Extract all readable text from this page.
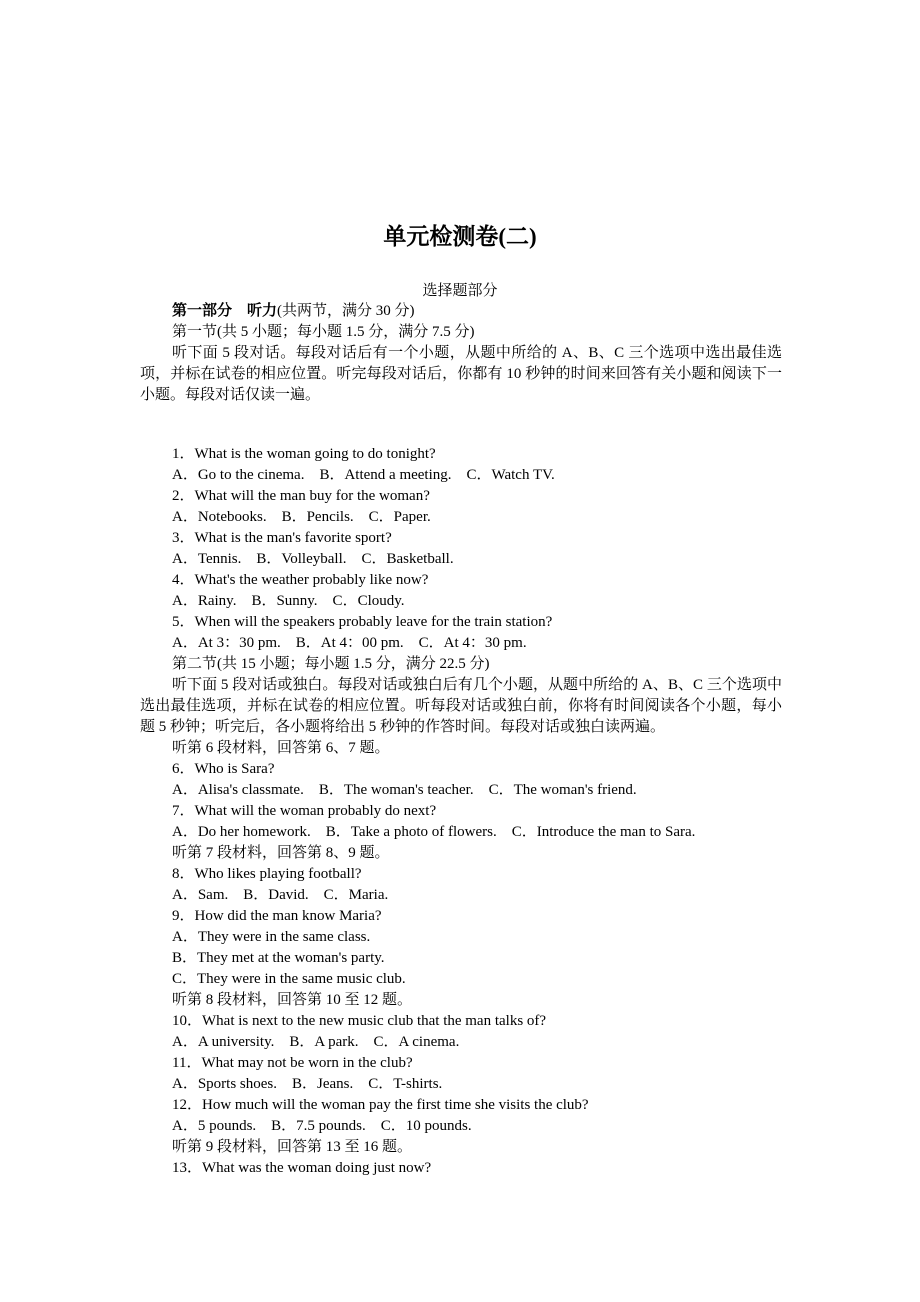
单元检测卷(二)
选择题部分
第一部分　听力(共两节，满分 30 分)
第一节(共 5 小题；每小题 1.5 分，满分 7.5 分)

听下面 5 段对话。每段对话后有一个小题，从题中所给的 A、B、C 三个选项中选出最佳选项，并标在试卷的相应位置。听完每段对话后，你都有 10 秒钟的时间来回答有关小题和阅读下一小题。每段对话仅读一遍。

1．What is the woman going to do tonight?
A．Go to the cinema.　B．Attend a meeting.　C．Watch TV.
2．What will the man buy for the woman?
A．Notebooks.　B．Pencils.　C．Paper.
3．What is the man's favorite sport?
A．Tennis.　B．Volleyball.　C．Basketball.
4．What's the weather probably like now?
A．Rainy.　B．Sunny.　C．Cloudy.
5．When will the speakers probably leave for the train station?
A．At 3：30 pm.　B．At 4：00 pm.　C．At 4：30 pm.
第二节(共 15 小题；每小题 1.5 分，满分 22.5 分)

听下面 5 段对话或独白。每段对话或独白后有几个小题，从题中所给的 A、B、C 三个选项中选出最佳选项，并标在试卷的相应位置。听每段对话或独白前，你将有时间阅读各个小题，每小题 5 秒钟；听完后，各小题将给出 5 秒钟的作答时间。每段对话或独白读两遍。

听第 6 段材料，回答第 6、7 题。
6．Who is Sara?
A．Alisa's classmate.　B．The woman's teacher.　C．The woman's friend.
7．What will the woman probably do next?
A．Do her homework.　B．Take a photo of flowers.　C．Introduce the man to Sara.
听第 7 段材料，回答第 8、9 题。
8．Who likes playing football?
A．Sam.　B．David.　C．Maria.
9．How did the man know Maria?
A．They were in the same class.
B．They met at the woman's party.
C．They were in the same music club.
听第 8 段材料，回答第 10 至 12 题。
10．What is next to the new music club that the man talks of?
A．A university.　B．A park.　C．A cinema.
11．What may not be worn in the club?
A．Sports shoes.　B．Jeans.　C．T-shirts.
12．How much will the woman pay the first time she visits the club?
A．5 pounds.　B．7.5 pounds.　C．10 pounds.
听第 9 段材料，回答第 13 至 16 题。
13．What was the woman doing just now?
